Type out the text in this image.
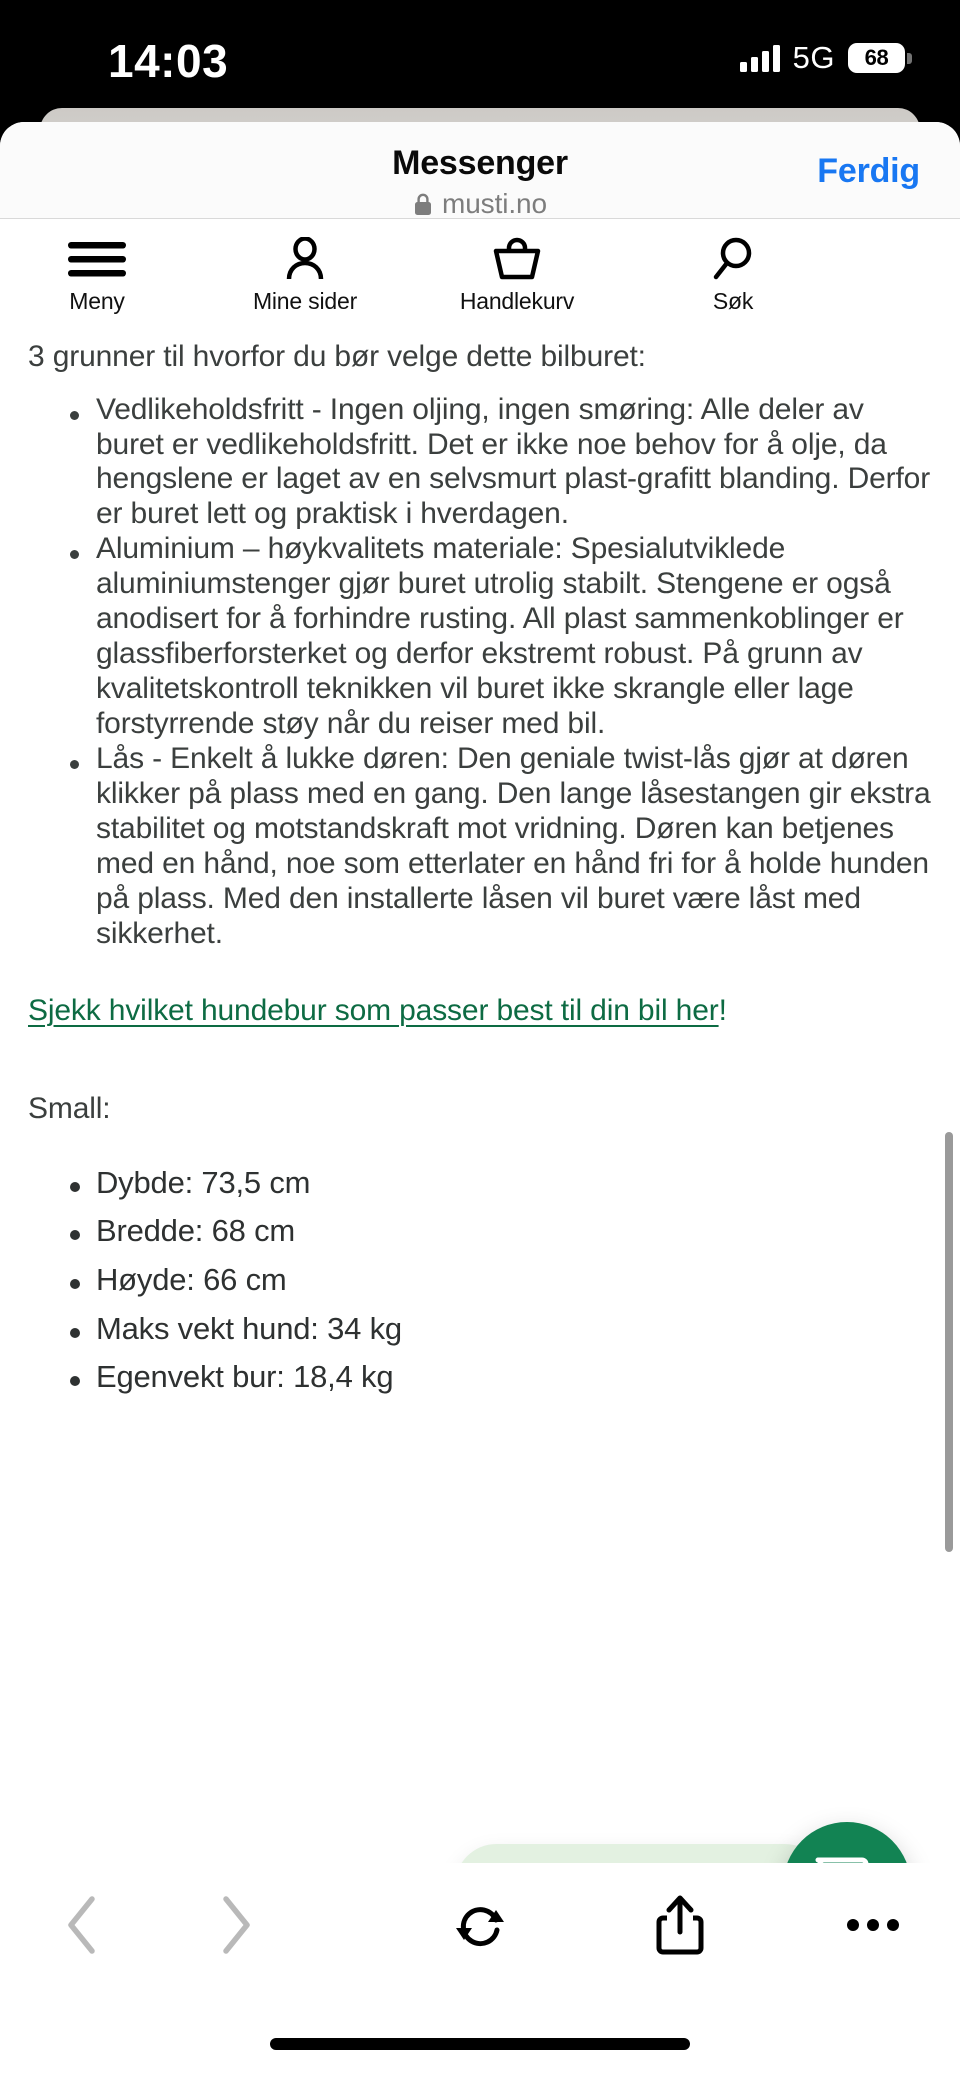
14:03	5G 68
Messenger
musti.no
Ferdig
Meny	Mine sider	Handlekurv	Søk

3 grunner til hvorfor du bør velge dette bilburet:

Vedlikeholdsfritt - Ingen oljing, ingen smøring: Alle deler av buret er vedlikeholdsfritt. Det er ikke noe behov for å olje, da hengslene er laget av en selvsmurt plast-grafitt blanding. Derfor er buret lett og praktisk i hverdagen.
Aluminium – høykvalitets materiale: Spesialutviklede aluminiumstenger gjør buret utrolig stabilt. Stengene er også anodisert for å forhindre rusting. All plast sammenkoblinger er glassfiberforsterket og derfor ekstremt robust. På grunn av kvalitetskontroll teknikken vil buret ikke skrangle eller lage forstyrrende støy når du reiser med bil.
Lås - Enkelt å lukke døren: Den geniale twist-lås gjør at døren klikker på plass med en gang. Den lange låsestangen gir ekstra stabilitet og motstandskraft mot vridning. Døren kan betjenes med en hånd, noe som etterlater en hånd fri for å holde hunden på plass. Med den installerte låsen vil buret være låst med sikkerhet.

Sjekk hvilket hundebur som passer best til din bil her!

Small:

Dybde: 73,5 cm
Bredde: 68 cm
Høyde: 66 cm
Maks vekt hund: 34 kg
Egenvekt bur: 18,4 kg
